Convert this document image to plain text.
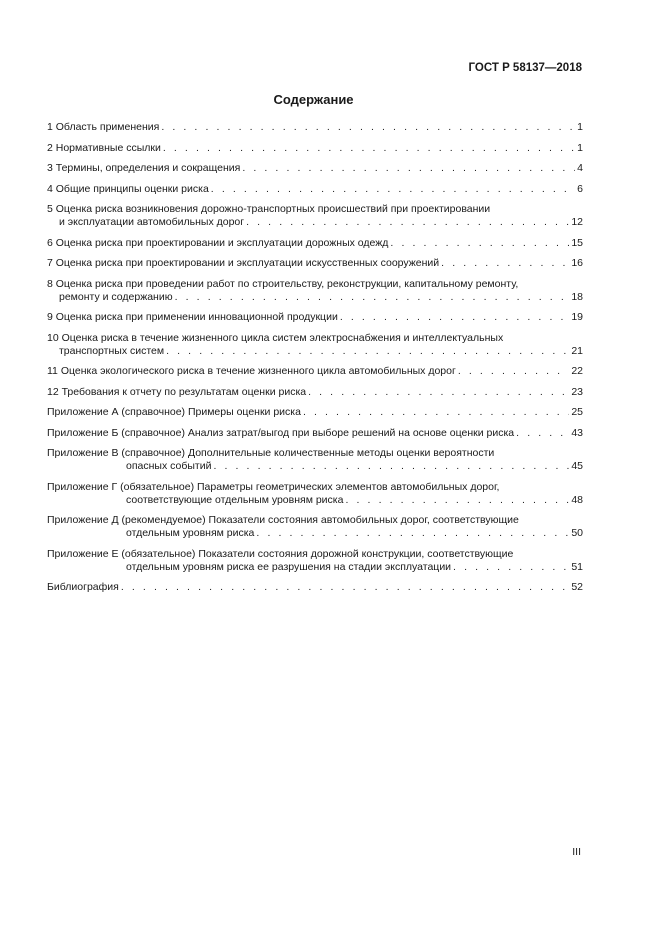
ГОСТ Р 58137—2018
Содержание
1 Область применения . . .	1
2 Нормативные ссылки . . .	1
3 Термины, определения и сокращения . . .	4
4 Общие принципы оценки риска . . .	6
5 Оценка риска возникновения дорожно-транспортных происшествий при проектировании
и эксплуатации автомобильных дорог . . .	12
6 Оценка риска при проектировании и эксплуатации дорожных одежд . . .	15
7 Оценка риска при проектировании и эксплуатации искусственных сооружений . . .	16
8 Оценка риска при проведении работ по строительству, реконструкции, капитальному ремонту,
ремонту и содержанию . . .	18
9 Оценка риска при применении инновационной продукции . . .	19
10 Оценка риска в течение жизненного цикла систем электроснабжения и интеллектуальных
транспортных систем . . .	21
11 Оценка экологического риска в течение жизненного цикла автомобильных дорог . . .	22
12 Требования к отчету по результатам оценки риска . . .	23
Приложение А (справочное) Примеры оценки риска . . .	25
Приложение Б (справочное) Анализ затрат/выгод при выборе решений на основе оценки риска . . .	43
Приложение В (справочное) Дополнительные количественные методы оценки вероятности
опасных событий . . .	45
Приложение Г (обязательное) Параметры геометрических элементов автомобильных дорог,
соответствующие отдельным уровням риска . . .	48
Приложение Д (рекомендуемое) Показатели состояния автомобильных дорог, соответствующие
отдельным уровням риска . . .	50
Приложение Е (обязательное) Показатели состояния дорожной конструкции, соответствующие
отдельным уровням риска ее разрушения на стадии эксплуатации . . .	51
Библиография . . .	52
III
